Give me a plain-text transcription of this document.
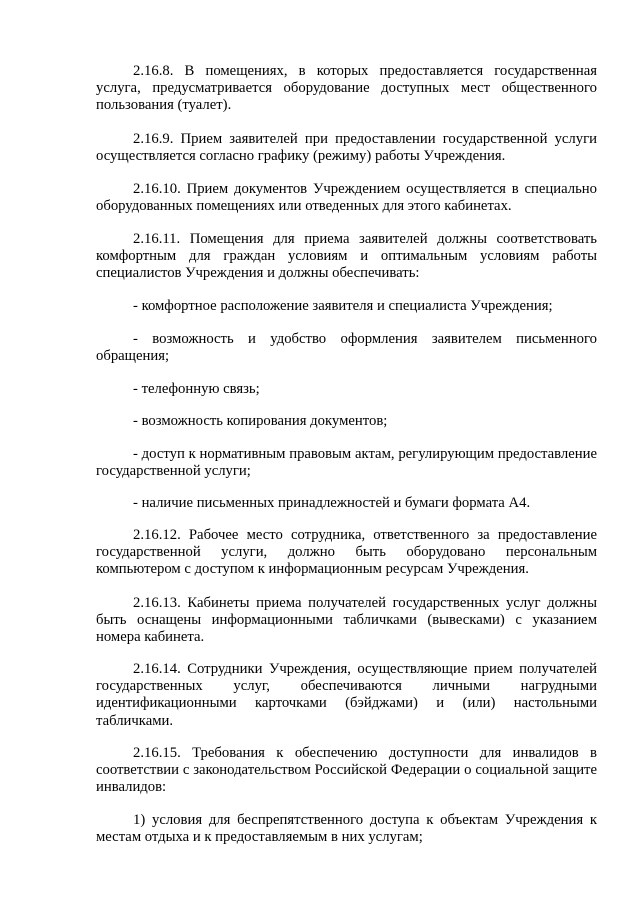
2.16.8. В помещениях, в которых предоставляется государственная услуга, предусматривается оборудование доступных мест общественного пользования (туалет).

2.16.9. Прием заявителей при предоставлении государственной услуги осуществляется согласно графику (режиму) работы Учреждения.

2.16.10. Прием документов Учреждением осуществляется в специально оборудованных помещениях или отведенных для этого кабинетах.

2.16.11. Помещения для приема заявителей должны соответствовать комфортным для граждан условиям и оптимальным условиям работы специалистов Учреждения и должны обеспечивать:

- комфортное расположение заявителя и специалиста Учреждения;

- возможность и удобство оформления заявителем письменного обращения;

- телефонную связь;

- возможность копирования документов;

- доступ к нормативным правовым актам, регулирующим предоставление государственной услуги;

- наличие письменных принадлежностей и бумаги формата А4.

2.16.12. Рабочее место сотрудника, ответственного за предоставление государственной услуги, должно быть оборудовано персональным компьютером с доступом к информационным ресурсам Учреждения.

2.16.13. Кабинеты приема получателей государственных услуг должны быть оснащены информационными табличками (вывесками) с указанием номера кабинета.

2.16.14. Сотрудники Учреждения, осуществляющие прием получателей государственных услуг, обеспечиваются личными нагрудными идентификационными карточками (бэйджами) и (или) настольными табличками.

2.16.15. Требования к обеспечению доступности для инвалидов в соответствии с законодательством Российской Федерации о социальной защите инвалидов:

1) условия для беспрепятственного доступа к объектам Учреждения к местам отдыха и к предоставляемым в них услугам;
